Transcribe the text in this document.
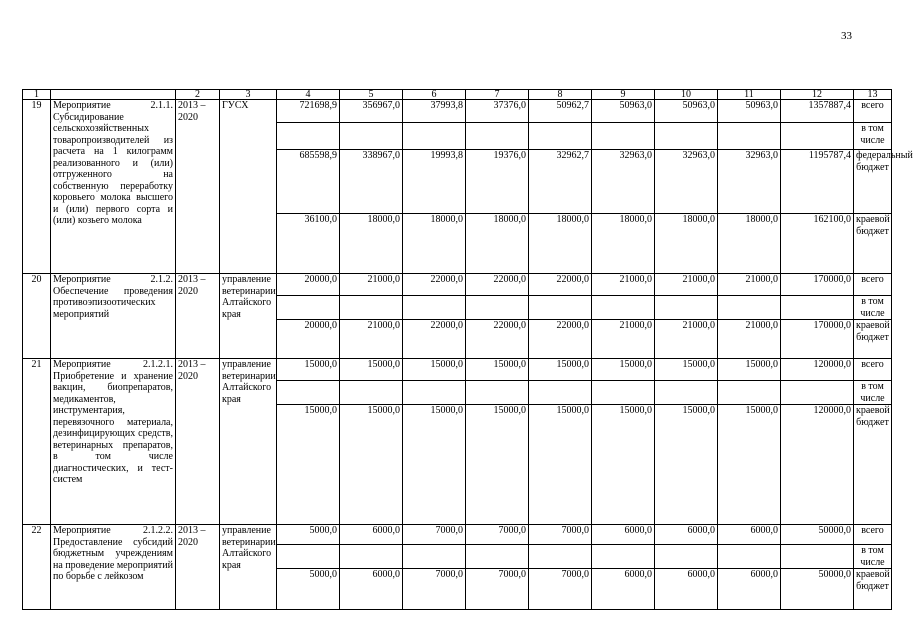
33
1		2	3	4	5	6	7	8	9	10	11	12	13
19	Мероприятие 2.1.1. Субсидирование сельскохозяйственных товаропроизводителей из расчета на 1 килограмм реализованного и (или) отгруженного на собственную переработку коровьего молока высшего и (или) первого сорта и (или) козьего молока	2013 – 2020	ГУСХ	721698,9	356967,0	37993,8	37376,0	50962,7	50963,0	50963,0	50963,0	1357887,4	всего
													в том числе
				685598,9	338967,0	19993,8	19376,0	32962,7	32963,0	32963,0	32963,0	1195787,4	федеральный бюджет
				36100,0	18000,0	18000,0	18000,0	18000,0	18000,0	18000,0	18000,0	162100,0	краевой бюджет
20	Мероприятие 2.1.2. Обеспечение проведения противоэпизоотических мероприятий	2013 – 2020	управление ветеринарии Алтайского края	20000,0	21000,0	22000,0	22000,0	22000,0	21000,0	21000,0	21000,0	170000,0	всего
													в том числе
				20000,0	21000,0	22000,0	22000,0	22000,0	21000,0	21000,0	21000,0	170000,0	краевой бюджет
21	Мероприятие 2.1.2.1. Приобретение и хранение вакцин, биопрепаратов, медикаментов, инструментария, перевязочного материала, дезинфицирующих средств, ветеринарных препаратов, в том числе диагностических, и тест-систем	2013 – 2020	управление ветеринарии Алтайского края	15000,0	15000,0	15000,0	15000,0	15000,0	15000,0	15000,0	15000,0	120000,0	всего
													в том числе
				15000,0	15000,0	15000,0	15000,0	15000,0	15000,0	15000,0	15000,0	120000,0	краевой бюджет
22	Мероприятие 2.1.2.2. Предоставление субсидий бюджетным учреждениям на проведение мероприятий по борьбе с лейкозом	2013 – 2020	управление ветеринарии Алтайского края	5000,0	6000,0	7000,0	7000,0	7000,0	6000,0	6000,0	6000,0	50000,0	всего
													в том числе
				5000,0	6000,0	7000,0	7000,0	7000,0	6000,0	6000,0	6000,0	50000,0	краевой бюджет
